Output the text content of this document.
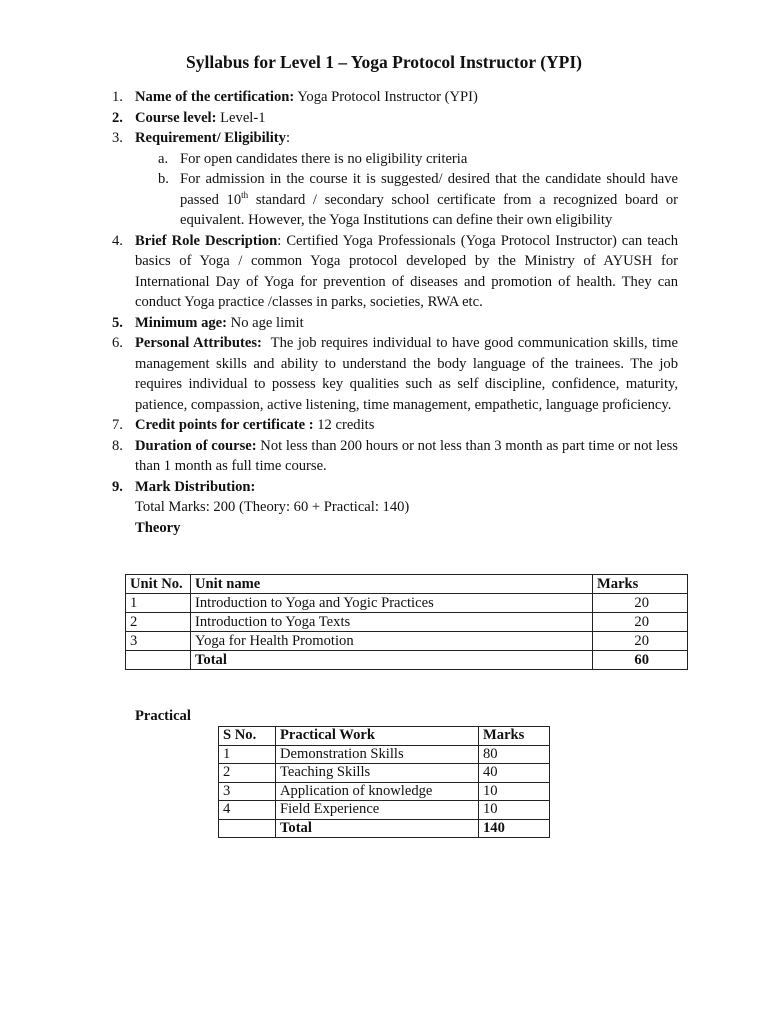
Syllabus for Level 1 – Yoga Protocol Instructor (YPI)
1. Name of the certification: Yoga Protocol Instructor (YPI)
2. Course level: Level-1
3. Requirement/ Eligibility:
a. For open candidates there is no eligibility criteria
b. For admission in the course it is suggested/ desired that the candidate should have passed 10th standard / secondary school certificate from a recognized board or equivalent. However, the Yoga Institutions can define their own eligibility
4. Brief Role Description: Certified Yoga Professionals (Yoga Protocol Instructor) can teach basics of Yoga / common Yoga protocol developed by the Ministry of AYUSH for International Day of Yoga for prevention of diseases and promotion of health. They can conduct Yoga practice /classes in parks, societies, RWA etc.
5. Minimum age: No age limit
6. Personal Attributes: The job requires individual to have good communication skills, time management skills and ability to understand the body language of the trainees. The job requires individual to possess key qualities such as self discipline, confidence, maturity, patience, compassion, active listening, time management, empathetic, language proficiency.
7. Credit points for certificate : 12 credits
8. Duration of course: Not less than 200 hours or not less than 3 month as part time or not less than 1 month as full time course.
9. Mark Distribution:
Total Marks: 200 (Theory: 60 + Practical: 140)
Theory
Unit No.	Unit name	Marks
1	Introduction to Yoga and Yogic Practices	20
2	Introduction to Yoga Texts	20
3	Yoga for Health Promotion	20
	Total	60
Practical
S No.	Practical Work	Marks
1	Demonstration Skills	80
2	Teaching Skills	40
3	Application of knowledge	10
4	Field Experience	10
	Total	140
